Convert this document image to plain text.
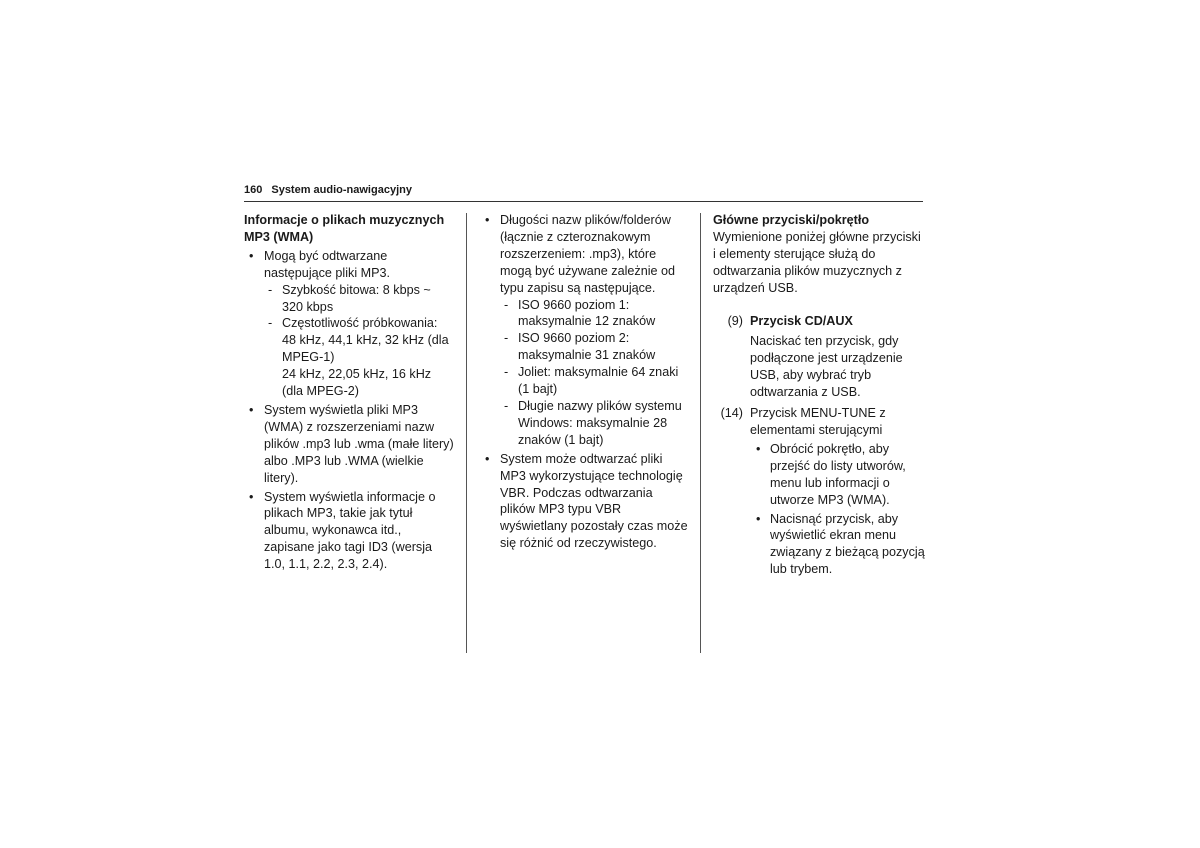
160 System audio-nawigacyjny
Informacje o plikach muzycznych MP3 (WMA)
• Mogą być odtwarzane następujące pliki MP3.
- Szybkość bitowa: 8 kbps ~ 320 kbps
- Częstotliwość próbkowania: 48 kHz, 44,1 kHz, 32 kHz (dla MPEG-1)
24 kHz, 22,05 kHz, 16 kHz (dla MPEG-2)
• System wyświetla pliki MP3 (WMA) z rozszerzeniami nazw plików .mp3 lub .wma (małe litery) albo .MP3 lub .WMA (wielkie litery).
• System wyświetla informacje o plikach MP3, takie jak tytuł albumu, wykonawca itd., zapisane jako tagi ID3 (wersja 1.0, 1.1, 2.2, 2.3, 2.4).
• Długości nazw plików/folderów (łącznie z czteroznakowym rozszerzeniem: .mp3), które mogą być używane zależnie od typu zapisu są następujące.
- ISO 9660 poziom 1: maksymalnie 12 znaków
- ISO 9660 poziom 2: maksymalnie 31 znaków
- Joliet: maksymalnie 64 znaki (1 bajt)
- Długie nazwy plików systemu Windows: maksymalnie 28 znaków (1 bajt)
• System może odtwarzać pliki MP3 wykorzystujące technologię VBR. Podczas odtwarzania plików MP3 typu VBR wyświetlany pozostały czas może się różnić od rzeczywistego.
Główne przyciski/pokrętło
Wymienione poniżej główne przyciski i elementy sterujące służą do odtwarzania plików muzycznych z urządzeń USB.
(9) Przycisk CD/AUX
Naciskać ten przycisk, gdy podłączone jest urządzenie USB, aby wybrać tryb odtwarzania z USB.
(14) Przycisk MENU-TUNE z elementami sterującymi
• Obrócić pokrętło, aby przejść do listy utworów, menu lub informacji o utworze MP3 (WMA).
• Nacisnąć przycisk, aby wyświetlić ekran menu związany z bieżącą pozycją lub trybem.
